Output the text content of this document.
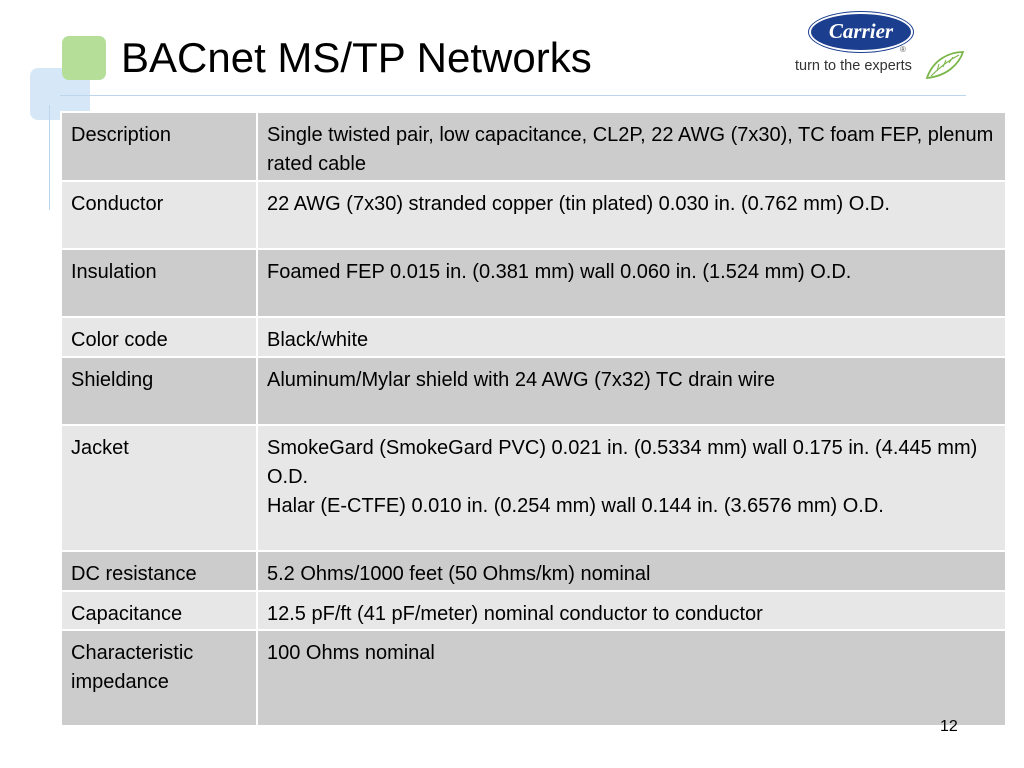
BACnet MS/TP Networks
Carrier
®
turn to the experts
Description	Single twisted pair, low capacitance, CL2P, 22 AWG (7x30), TC foam FEP, plenum rated cable
Conductor	22 AWG (7x30) stranded copper (tin plated) 0.030 in. (0.762 mm) O.D.
Insulation	Foamed FEP 0.015 in. (0.381 mm) wall 0.060 in. (1.524 mm) O.D.
Color code	Black/white
Shielding	Aluminum/Mylar shield with 24 AWG (7x32) TC drain wire
Jacket	SmokeGard (SmokeGard PVC) 0.021 in. (0.5334 mm) wall 0.175 in. (4.445 mm) O.D.
Halar (E-CTFE) 0.010 in. (0.254 mm) wall 0.144 in. (3.6576 mm) O.D.

DC resistance	5.2 Ohms/1000 feet (50 Ohms/km) nominal
Capacitance	12.5 pF/ft (41 pF/meter) nominal conductor to conductor
Characteristic impedance	100 Ohms nominal
12
